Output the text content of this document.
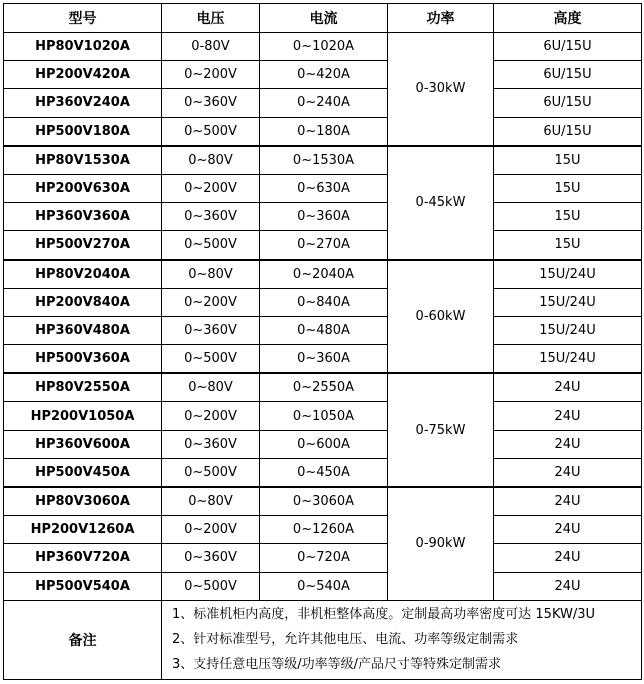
型号	电压	电流	功率	高度
HP80V1020A	0-80V	0~1020A	0-30kW	6U/15U
HP200V420A	0~200V	0~420A		6U/15U
HP360V240A	0~360V	0~240A		6U/15U
HP500V180A	0~500V	0~180A		6U/15U
HP80V1530A	0~80V	0~1530A	0-45kW	15U
HP200V630A	0~200V	0~630A		15U
HP360V360A	0~360V	0~360A		15U
HP500V270A	0~500V	0~270A		15U
HP80V2040A	0~80V	0~2040A	0-60kW	15U/24U
HP200V840A	0~200V	0~840A		15U/24U
HP360V480A	0~360V	0~480A		15U/24U
HP500V360A	0~500V	0~360A		15U/24U
HP80V2550A	0~80V	0~2550A	0-75kW	24U
HP200V1050A	0~200V	0~1050A		24U
HP360V600A	0~360V	0~600A		24U
HP500V450A	0~500V	0~450A		24U
HP80V3060A	0~80V	0~3060A	0-90kW	24U
HP200V1260A	0~200V	0~1260A		24U
HP360V720A	0~360V	0~720A		24U
HP500V540A	0~500V	0~540A		24U
备注	1、标准机柜内高度，非机柜整体高度。定制最高功率密度可达 15KW/3U
2、针对标准型号，允许其他电压、电流、功率等级定制需求
3、支持任意电压等级/功率等级/产品尺寸等特殊定制需求			
